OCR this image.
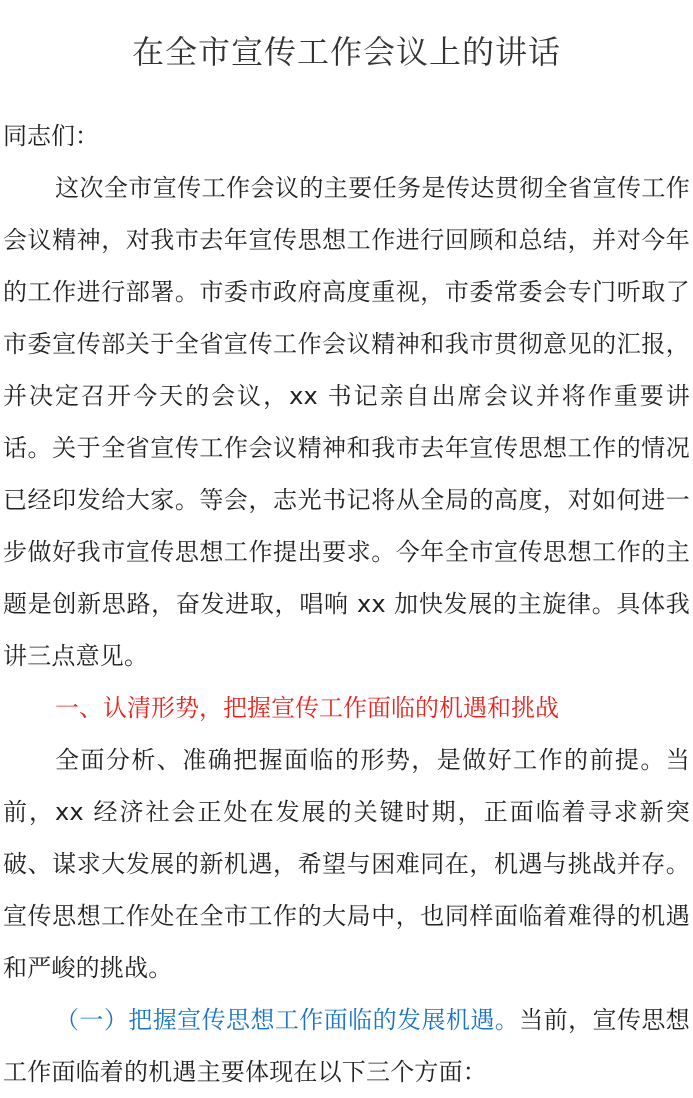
在全市宣传工作会议上的讲话

同志们：

这次全市宣传工作会议的主要任务是传达贯彻全省宣传工作会议精神，对我市去年宣传思想工作进行回顾和总结，并对今年的工作进行部署。市委市政府高度重视，市委常委会专门听取了市委宣传部关于全省宣传工作会议精神和我市贯彻意见的汇报，并决定召开今天的会议，xx 书记亲自出席会议并将作重要讲话。关于全省宣传工作会议精神和我市去年宣传思想工作的情况已经印发给大家。等会，志光书记将从全局的高度，对如何进一步做好我市宣传思想工作提出要求。今年全市宣传思想工作的主题是创新思路，奋发进取，唱响 xx 加快发展的主旋律。具体我讲三点意见。

一、认清形势，把握宣传工作面临的机遇和挑战

全面分析、准确把握面临的形势，是做好工作的前提。当前，xx 经济社会正处在发展的关键时期，正面临着寻求新突破、谋求大发展的新机遇，希望与困难同在，机遇与挑战并存。宣传思想工作处在全市工作的大局中，也同样面临着难得的机遇和严峻的挑战。

（一）把握宣传思想工作面临的发展机遇。当前，宣传思想工作面临着的机遇主要体现在以下三个方面：
